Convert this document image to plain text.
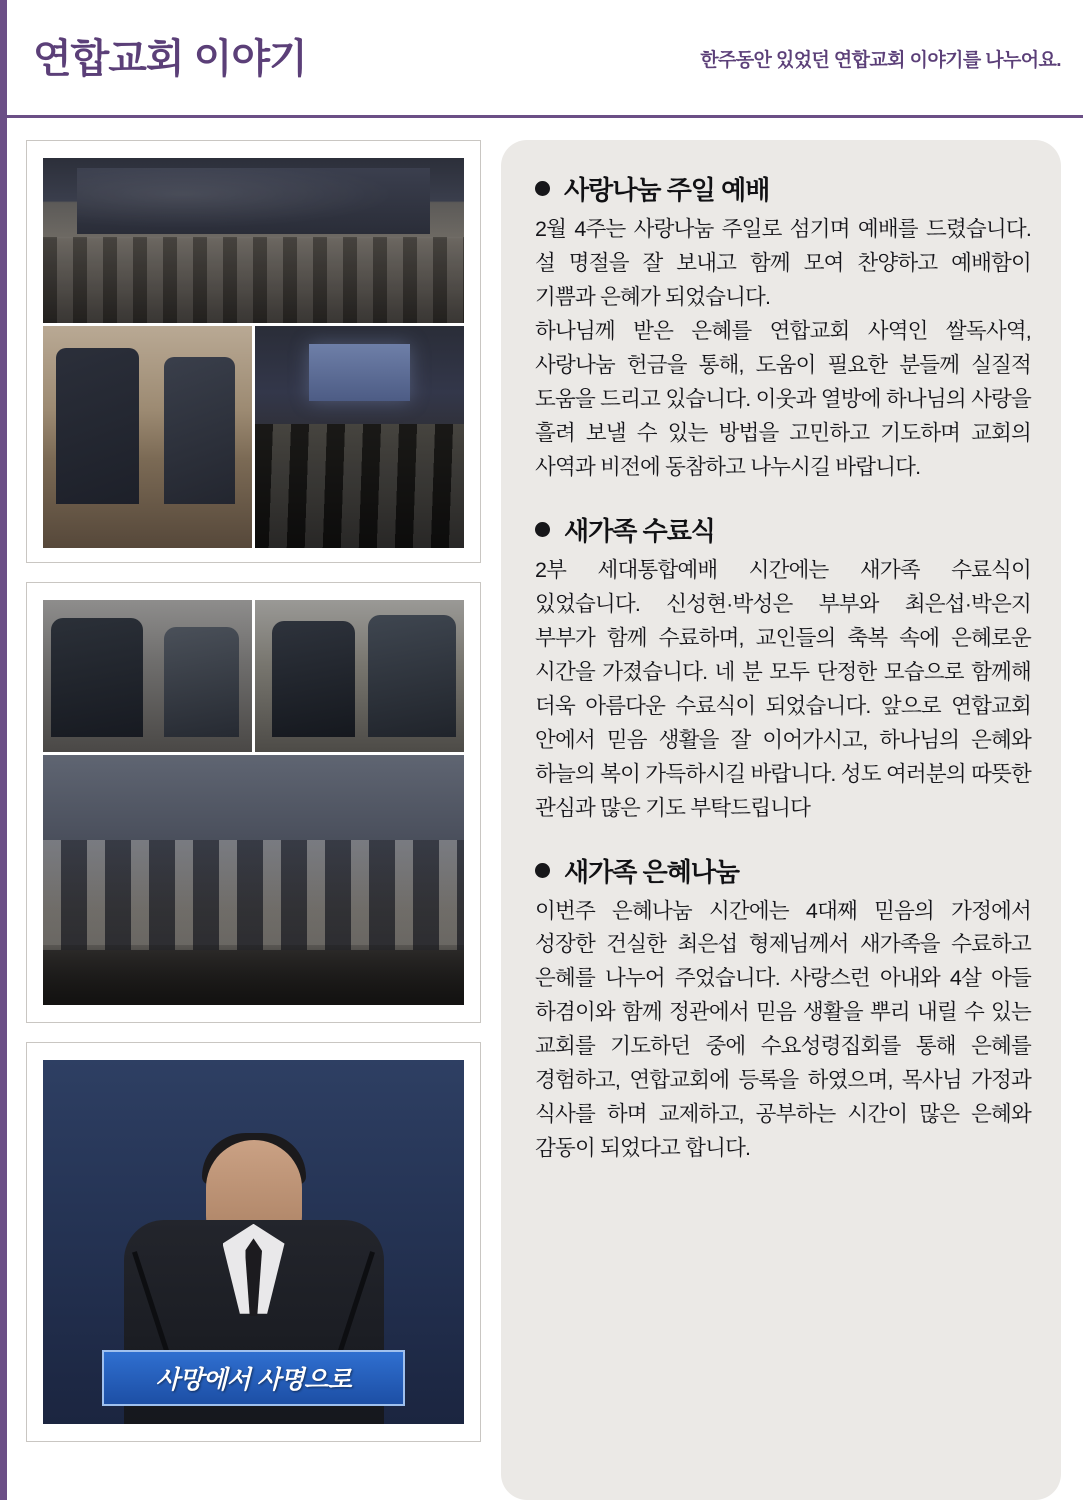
연합교회 이야기	한주동안 있었던 연합교회 이야기를 나누어요.
사망에서 사명으로
사랑나눔 주일 예배

2월 4주는 사랑나눔 주일로 섬기며 예배를 드렸습니다. 설 명절을 잘 보내고 함께 모여 찬양하고 예배함이 기쁨과 은혜가 되었습니다.

하나님께 받은 은혜를 연합교회 사역인 쌀독사역, 사랑나눔 헌금을 통해, 도움이 필요한 분들께 실질적 도움을 드리고 있습니다. 이웃과 열방에 하나님의 사랑을 흘려 보낼 수 있는 방법을 고민하고 기도하며 교회의 사역과 비전에 동참하고 나누시길 바랍니다.

새가족 수료식

2부 세대통합예배 시간에는 새가족 수료식이 있었습니다. 신성현·박성은 부부와 최은섭·박은지 부부가 함께 수료하며, 교인들의 축복 속에 은혜로운 시간을 가졌습니다. 네 분 모두 단정한 모습으로 함께해 더욱 아름다운 수료식이 되었습니다. 앞으로 연합교회 안에서 믿음 생활을 잘 이어가시고, 하나님의 은혜와 하늘의 복이 가득하시길 바랍니다. 성도 여러분의 따뜻한 관심과 많은 기도 부탁드립니다

새가족 은혜나눔

이번주 은혜나눔 시간에는 4대째 믿음의 가정에서 성장한 건실한 최은섭 형제님께서 새가족을 수료하고 은혜를 나누어 주었습니다. 사랑스런 아내와 4살 아들 하겸이와 함께 정관에서 믿음 생활을 뿌리 내릴 수 있는 교회를 기도하던 중에 수요성령집회를 통해 은혜를 경험하고, 연합교회에 등록을 하였으며, 목사님 가정과 식사를 하며 교제하고, 공부하는 시간이 많은 은혜와 감동이 되었다고 합니다.
